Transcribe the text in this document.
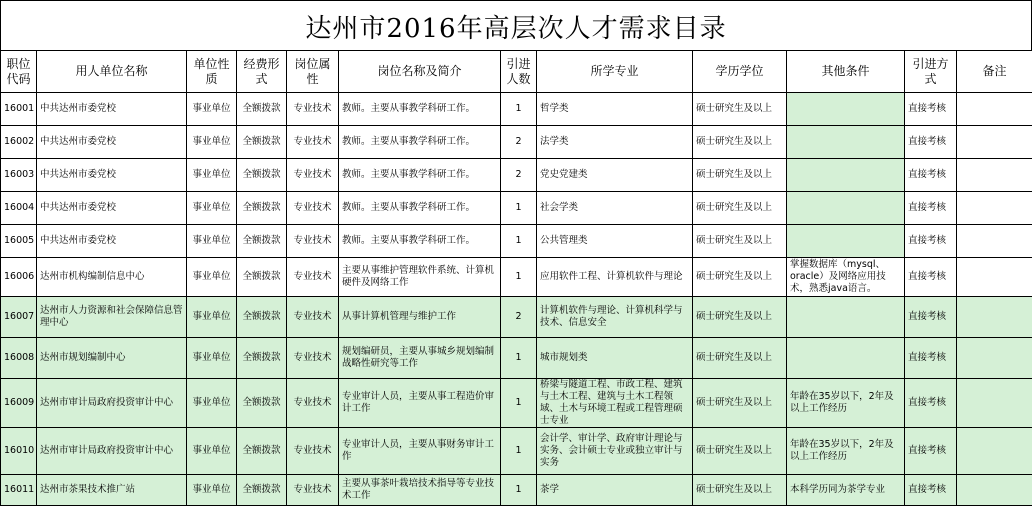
达州市2016年高层次人才需求目录
职位代码	用人单位名称	单位性质	经费形式	岗位属性	岗位名称及简介	引进人数	所学专业	学历学位	其他条件	引进方式	备注
16001	中共达州市委党校	事业单位	全额拨款	专业技术	教师。主要从事教学科研工作。	1	哲学类	硕士研究生及以上		直接考核	
16002	中共达州市委党校	事业单位	全额拨款	专业技术	教师。主要从事教学科研工作。	2	法学类	硕士研究生及以上		直接考核	
16003	中共达州市委党校	事业单位	全额拨款	专业技术	教师。主要从事教学科研工作。	2	党史党建类	硕士研究生及以上		直接考核	
16004	中共达州市委党校	事业单位	全额拨款	专业技术	教师。主要从事教学科研工作。	1	社会学类	硕士研究生及以上		直接考核	
16005	中共达州市委党校	事业单位	全额拨款	专业技术	教师。主要从事教学科研工作。	1	公共管理类	硕士研究生及以上		直接考核	
16006	达州市机构编制信息中心	事业单位	全额拨款	专业技术	主要从事维护管理软件系统、计算机硬件及网络工作	1	应用软件工程、计算机软件与理论	硕士研究生及以上	掌握数据库（mysql、oracle）及网络应用技术，熟悉java语言。	直接考核	
16007	达州市人力资源和社会保障信息管理中心	事业单位	全额拨款	专业技术	从事计算机管理与维护工作	2	计算机软件与理论、计算机科学与技术、信息安全	硕士研究生及以上		直接考核	
16008	达州市规划编制中心	事业单位	全额拨款	专业技术	规划编研员，主要从事城乡规划编制战略性研究等工作	1	城市规划类	硕士研究生及以上		直接考核	
16009	达州市审计局政府投资审计中心	事业单位	全额拨款	专业技术	专业审计人员，主要从事工程造价审计工作	1	桥梁与隧道工程、市政工程、建筑与土木工程、建筑与土木工程领域、土木与环境工程或工程管理硕士专业	硕士研究生及以上	年龄在35岁以下，2年及以上工作经历	直接考核	
16010	达州市审计局政府投资审计中心	事业单位	全额拨款	专业技术	专业审计人员，主要从事财务审计工作	1	会计学、审计学、政府审计理论与实务、会计硕士专业或独立审计与实务	硕士研究生及以上	年龄在35岁以下，2年及以上工作经历	直接考核	
16011	达州市茶果技术推广站	事业单位	全额拨款	专业技术	主要从事茶叶栽培技术指导等专业技术工作	1	茶学	硕士研究生及以上	本科学历同为茶学专业	直接考核	
